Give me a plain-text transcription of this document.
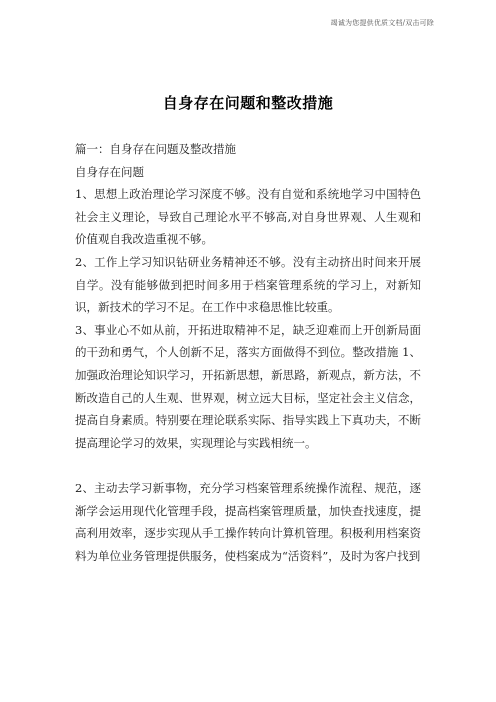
竭诚为您提供优质文档/双击可除
自身存在问题和整改措施

篇一：自身存在问题及整改措施

自身存在问题

1、思想上政治理论学习深度不够。没有自觉和系统地学习中国特色社会主义理论，导致自己理论水平不够高,对自身世界观、人生观和价值观自我改造重视不够。

2、工作上学习知识钻研业务精神还不够。没有主动挤出时间来开展自学。没有能够做到把时间多用于档案管理系统的学习上，对新知识，新技术的学习不足。在工作中求稳思惟比较重。

3、事业心不如从前，开拓进取精神不足，缺乏迎难而上开创新局面的干劲和勇气，个人创新不足，落实方面做得不到位。整改措施 1、加强政治理论知识学习，开拓新思想，新思路，新观点，新方法，不断改造自己的人生观、世界观，树立远大目标，坚定社会主义信念，提高自身素质。特别要在理论联系实际、指导实践上下真功夫，不断提高理论学习的效果，实现理论与实践相统一。

2、主动去学习新事物，充分学习档案管理系统操作流程、规范，逐渐学会运用现代化管理手段，提高档案管理质量，加快查找速度，提高利用效率，逐步实现从手工操作转向计算机管理。积极利用档案资料为单位业务管理提供服务，使档案成为“活资料”，及时为客户找到
